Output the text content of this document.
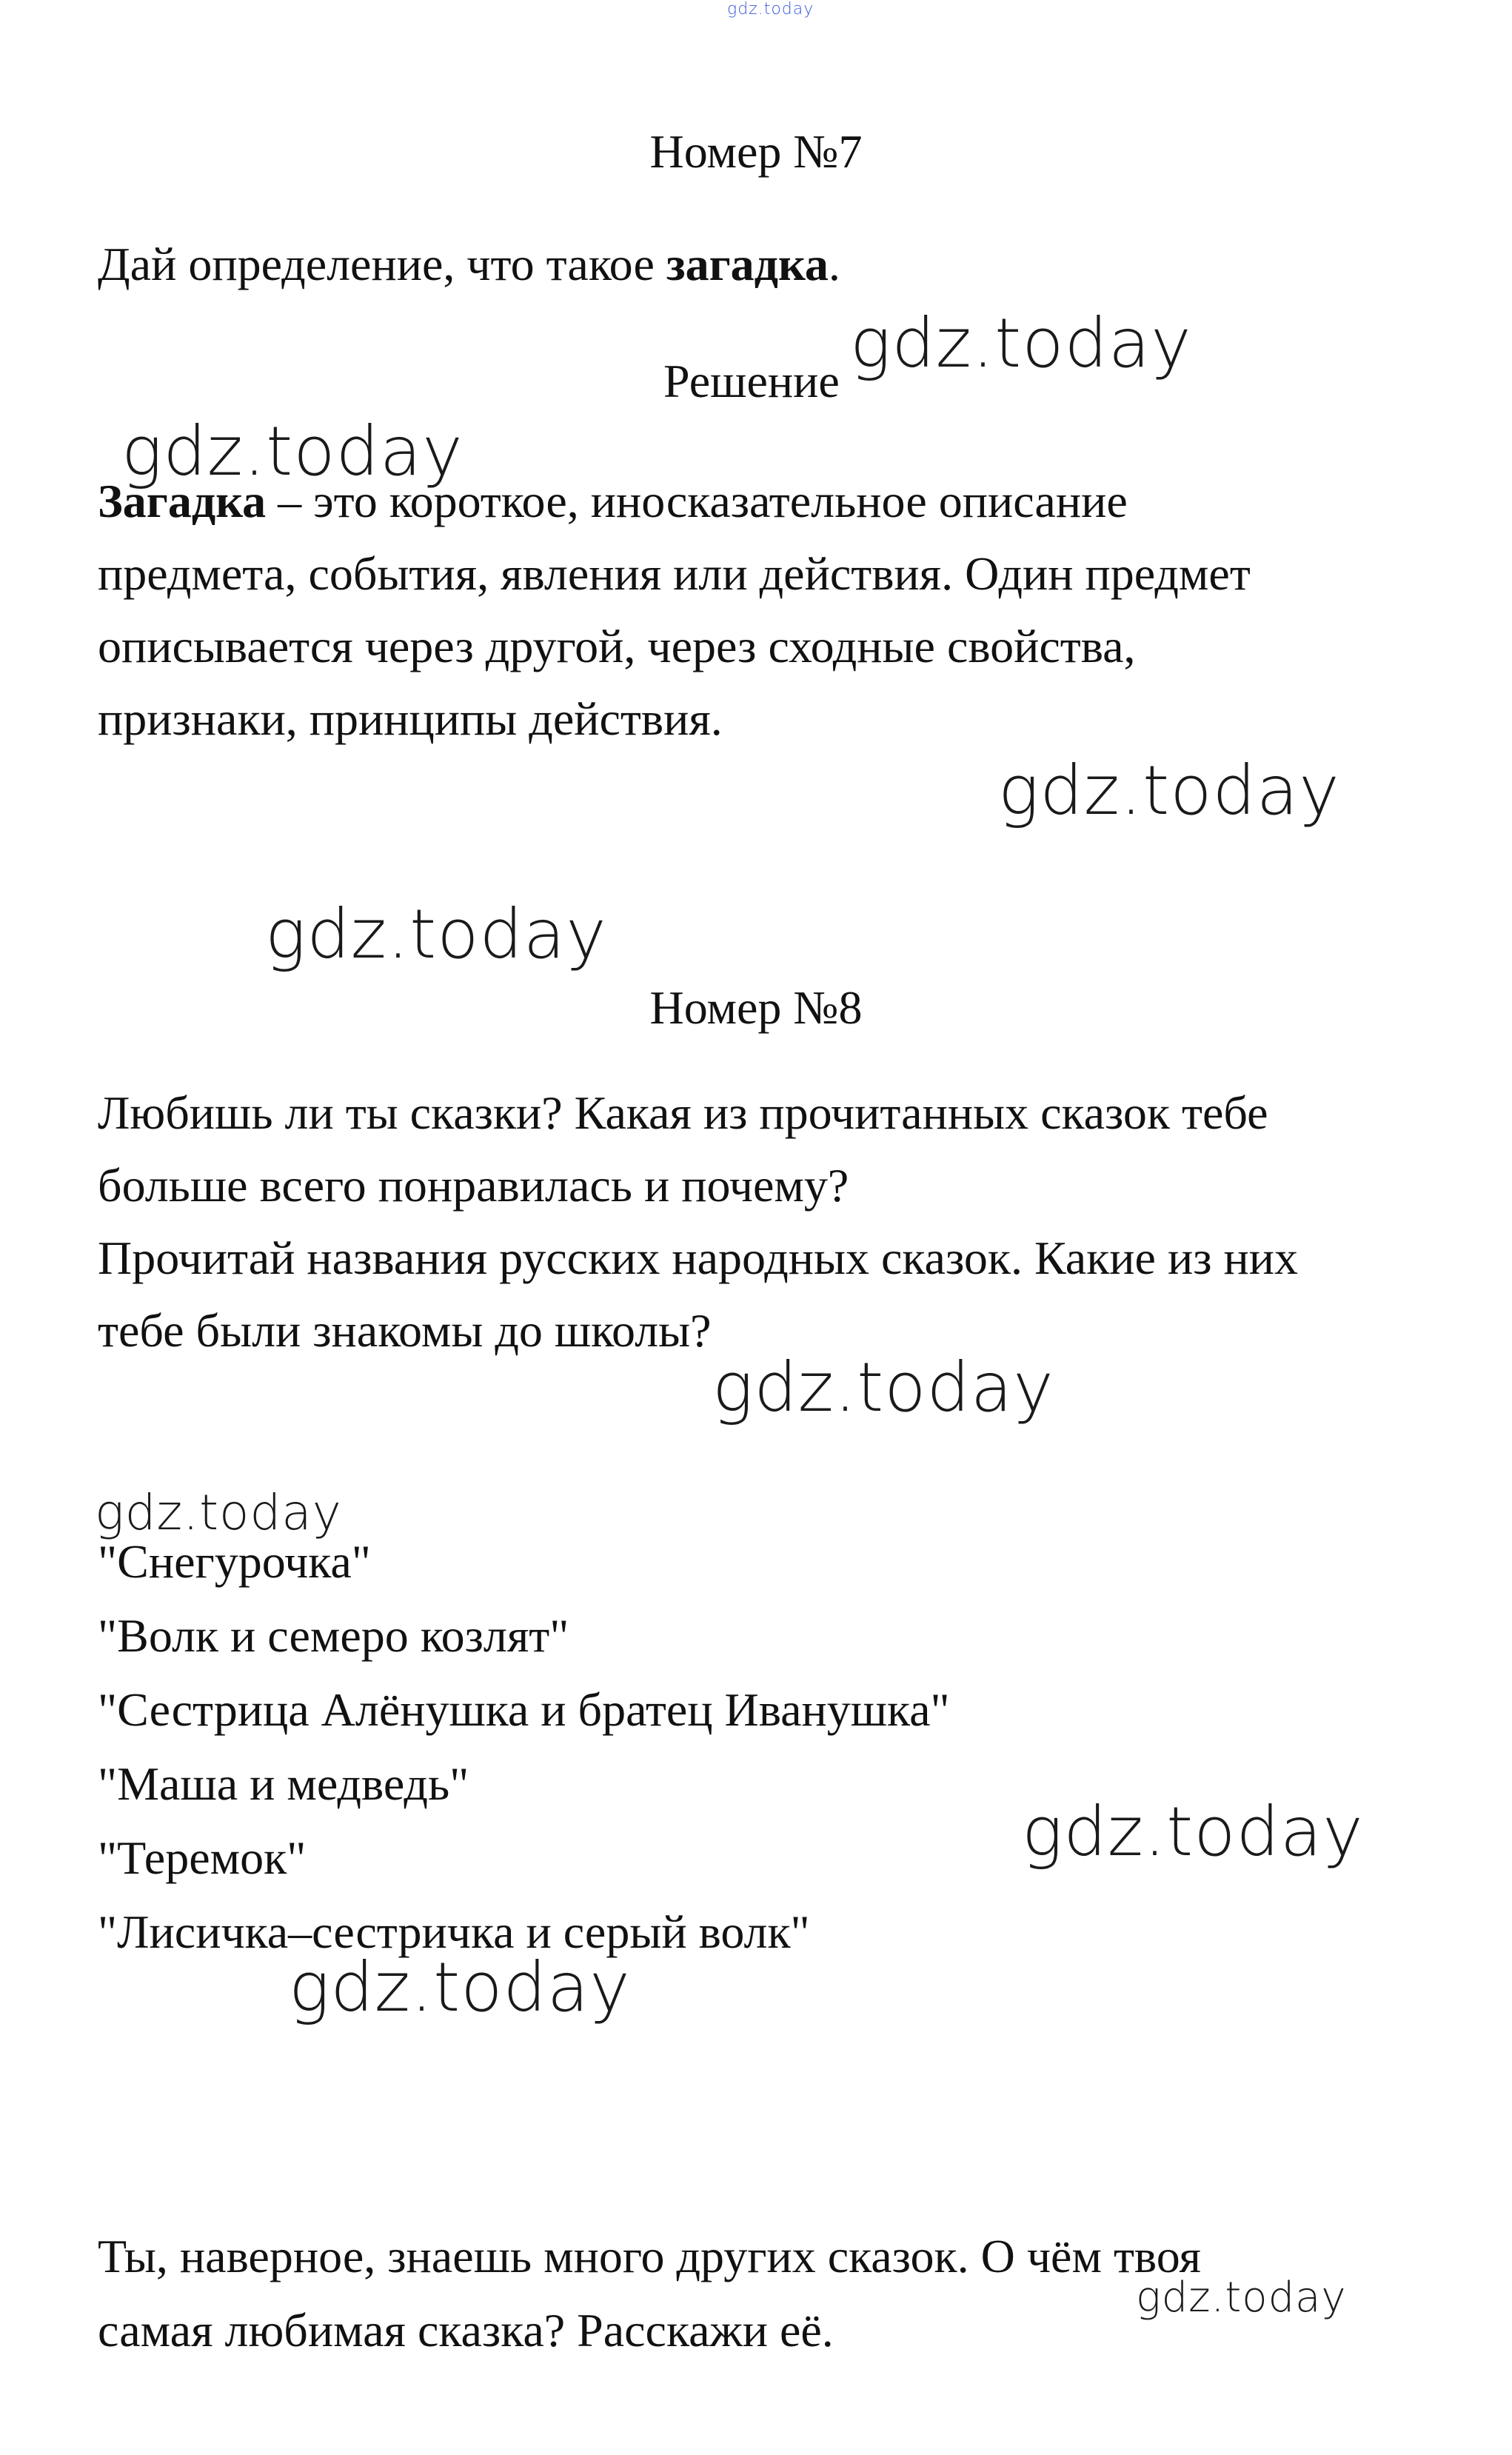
gdz.today
Номер №7
Дай определение, что такое загадка.
Решение
Загадка – это короткое, иносказательное описание
предмета, события, явления или действия. Один предмет
описывается через другой, через сходные свойства,
признаки, принципы действия.
Номер №8
Любишь ли ты сказки? Какая из прочитанных сказок тебе
больше всего понравилась и почему?
Прочитай названия русских народных сказок. Какие из них
тебе были знакомы до школы?
"Снегурочка"
"Волк и семеро козлят"
"Сестрица Алёнушка и братец Иванушка"
"Маша и медведь"
"Теремок"
"Лисичка–сестричка и серый волк"
Ты, наверное, знаешь много других сказок. О чём твоя
самая любимая сказка? Расскажи её.
gdz.today
gdz.today
gdz.today
gdz.today
gdz.today
gdz.today
gdz.today
gdz.today
gdz.today
